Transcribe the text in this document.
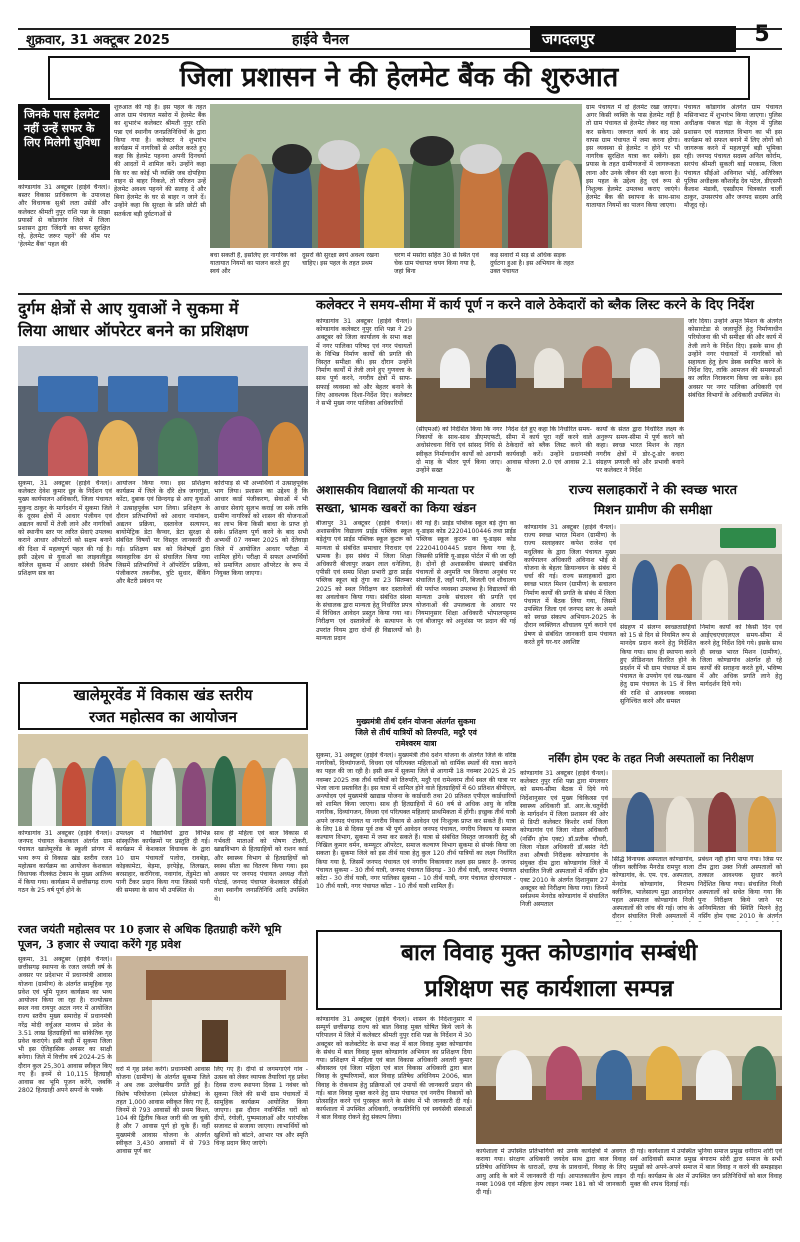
शुक्रवार, 31 अक्टूबर 2025	हाईवे चैनल	जगदलपुर	5
जिला प्रशासन ने की हेलमेट बैंक की शुरुआत
जिनके पास हेलमेट नहीं उन्हें सफर के लिए मिलेगी सुविधा
कोण्डागांव 31 अक्टूबर (हाईवे चैनल)। बस्तर विकास प्राधिकरण के उपाध्यक्ष और विधायक सुश्री लता उसेंडी और कलेक्टर श्रीमती नुपुर राशि पन्ना के साझा प्रयासों से कोंडागांव जिले में जिला प्रशासन द्वारा 'जिंदगी का सफर सुरक्षित रहे, हेलमेट जरूर पहनें' की थीम पर 'हेलमेट बैंक' पहल की
शुरुआत की गई है। इस पहल के तहत आज ग्राम पंचायत मसोरा में हेलमेट बैंक का शुभारंभ कलेक्टर श्रीमती नुपुर राशि पन्ना एवं स्थानीय जनप्रतिनिधियों के द्वारा किया गया है। कलेक्टर ने शुभारंभ कार्यक्रम में नागरिकों से अपील करते हुए कहा कि हेलमेट पहनना अपनी दिनचर्या की आदतों में शामिल करें। उन्होंने कहा कि घर का कोई भी व्यक्ति जब दोपहिया वाहन से बाहर निकले, तो परिजन उन्हें हेलमेट अवश्य पहनने की सलाह दें और बिना हेलमेट के घर से बाहर न जाने दें। उन्होंने कहा कि सुरक्षा के प्रति छोटी सी सतर्कता बड़ी दुर्घटनाओं से
बचा सकती है, इसलिए हर नागरिक को यातायात नियमों का पालन करते हुए स्वयं और
दूसरों की सुरक्षा स्वयं अवश्य रखना चाहिए। इस पहल के तहत प्रथम
चरण में मसोरा सहित 30 से स्थित एवं चेक ग्राम पंचायत चयन किया गया है, जहां बिना
कड़ सवारों में सड़ से अधिक सड़क दुर्घटना हुआ है। इस अभियान के तहत उक्त पंचायत
ग्राम पंचायत में दो हेलमेट रखा जाएगा। अगर किसी व्यक्ति के पास हेलमेट नहीं है तो ग्राम पंचायत से हेलमेट लेकर वह यात्रा कर सकेगा। जरूरत कार्य के बाद उसे वापस ग्राम पंचायत में जमा करना होगा। इस व्यवस्था से हेलमेट न होने पर भी नागरिक सुरक्षित यात्रा कर सकेंगे। इस प्रयास के तहत ग्रामीणजनों में जागरूकता लाना और उनके जीवन की रक्षा करना है। इस पहल के उद्देश्य हेतु एवं रूप से निशुल्क हेलमेट उपलब्ध कराए जाएंगे। हेलमेट बैंक की स्थापना के साथ-साथ यातायात नियमों का पालन किया जाएगा।
पंचायत कोंडागांव अंतर्गत ग्राम पंचायत मसिनाभाट में शुभारंभ किया जाएगा। पुलिस अधीक्षक पंकज चंद्रा के नेतृत्व में पुलिस प्रशासन एवं यातायात विभाग का भी इस कार्यक्रम को सफल बनाने में लिए लोगों को जागरूक करने में महत्वपूर्ण बड़ी भूमिका रही। जनपद पंचायत सदस्य अनिल कोर्राम, सरपंच श्रीमती सुकली बाई मरकाम, जिला पंचायत सीईओ अविनाश भोई, अतिरिक्त पुलिस अधीक्षक कौशलेंद्र देव पटेल, डीएसपी कैलाश मंडावी, एसडीएम चित्रकांत चार्ली ठाकुर, उपसरपंच और जनपद सदस्य आदि मौजूद रहे।
दुर्गम क्षेत्रों से आए युवाओं ने सुकमा में
लिया आधार ऑपरेटर बनने का प्रशिक्षण
सुकमा, 31 अक्टूबर (हाईवे चैनल)। कलेक्टर देवेश कुमार ध्रुव के निर्देशन एवं मुख्य कार्यपालन अधिकारी, जिला पंचायत मुकुन्द ठाकुर के मार्गदर्शन में सुकमा जिले के दूरस्थ क्षेत्रों में आधार पंजीयन एवं अद्यतन कार्यों में तेजी लाने और नागरिकों को स्थानीय स्तर पर त्वरित सेवाएं उपलब्ध कराने आधार ऑपरेटरों को सक्षम बनाने की दिशा में महत्वपूर्ण पहल की गई है। इसी उद्देश्य से युवाओं का लाइवलीहुड कॉलेज सुकमा में आधार संबंधी विशेष प्रशिक्षण सत्र का
आयोजन किया गया। इस प्रशिक्षण कार्यक्रम में जिले के दौरे क्षेत्र जगरगुंडा, कोंटा, दुबाक एवं छिन्दगढ़ से आए युवाओं ने उत्साहपूर्वक भाग लिया। प्रशिक्षण के दौरान प्रतिभागियों को आधार नामांकन, अद्यतन प्रक्रिया, दस्तावेज सत्यापन, बायोमेट्रिक डेटा कैप्चर, डेटा सुरक्षा से संबंधित विषयों पर विस्तृत जानकारी दी गई। प्रशिक्षण सत्र को विशेषज्ञों द्वारा व्यावहारिक ढंग से संचालित किया गया जिसमें प्रतिभागियों ने ऑपरेटिंग प्रक्रिया, पंजीकरण तकनीक, त्रुटि सुधार, बैंकिंग और बैटरी प्रबंधन पर
कोरोपाड़ से भी अभ्यर्थियों ने उत्साहपूर्वक भाग लिया। प्रशासन का उद्देश्य है कि आधार कार्ड पंजीकरण, सेवाओं में भी आधार सेवाएं सुलभ कराई जा सकें ताकि ग्रामीण नागरिकों को शासन की योजनाओं का लाभ बिना किसी बाधा के प्राप्त हो सके। प्रशिक्षण पूर्ण करने के बाद सभी अभ्यर्थी 07 नवम्बर 2025 को देंतेवाड़ा जिले में आयोजित आधार परीक्षा में शामिल होंगे। परीक्षा में सफल अभ्यर्थियों को प्रमाणित आधार ऑपरेटर के रूप में नियुक्त किया जाएगा।
कलेक्टर ने समय-सीमा में कार्य पूर्ण न करने वाले ठेकेदारों को ब्लैक लिस्ट करने के दिए निर्देश
कोण्डागांव 31 अक्टूबर (हाईवे चैनल)। कोण्डागांव कलेक्टर नुपुर राशि पन्ना ने 29 अक्टूबर को जिला कार्यालय के सभा कक्ष में नगर पालिका परिषद एवं नगर पंचायतों के विभिन्न निर्माण कार्यों की प्रगति की विस्तृत समीक्षा की। इस दौरान उन्होंने निर्माण कार्यों में तेजी लाने हुए गुणवत्ता के साथ पूर्ण करने, नगरीय क्षेत्रों में साफ-सफाई व्यवस्था को और बेहतर बनाने के लिए आवश्यक दिशा-निर्देश दिए। कलेक्टर ने सभी मुख्य नगर पालिका अधिकारियों
(सीएमओ) को निर्देशित किया कि नगर निकायों के साथ-साथ डीएमएफटी, अधोसंरचना विधि एवं सांसद निधि से स्वीकृत निर्माणाधीन कार्यों को आगामी दो माह के भीतर पूर्ण किया जाए। उन्होंने सख्त
निर्देश देते हुए कहा कि निर्धारित समय-सीमा में कार्य पूरा नहीं करने वाले ठेकेदारों को ब्लैक लिस्ट करने की कार्यवाही करें। उन्होंने प्रधानमंत्री आवास योजना 2.0 एवं आवास 2.1 के
कार्यों के संतत द्वारा निर्धारित लक्ष्य के अनुरूप समय-सीमा में पूर्ण करने को कहा। स्वच्छ भारत मिशन के तहत नगरीय क्षेत्रों में डोर-टू-डोर कचरा संग्रहण प्रणाली को और प्रभावी बनाने पर कलेक्टर ने निर्देश
जोर दिया। उन्होंने अमृत मिशन के अंतर्गत कोसारटेडा से जलापूर्ति हेतु निर्माणाधीन परियोजना की भी समीक्षा की और कार्य में तेजी लाने के निर्देश दिए। इसके साथ ही उन्होंने नगर पंचायतों में नागरिकों को सहायता हेतु हेल्प डेस्क स्थापित करने के निर्देश दिए, ताकि आमजन की समस्याओं का त्वरित निराकरण किया जा सके। इस अवसर पर नगर पालिका अधिकारी एवं संबंधित विभागों के अधिकारी उपस्थित थे।
अशासकीय विद्यालयों की मान्यता पर
सख्ता, भ्रामक खबरों का किया खंडन
बीजापुर 31 अक्टूबर (हाईवे चैनल)। अशासकीय विद्यालय प्राईड पब्लिक स्कूल बड़ेतुंगा एवं प्राईड पब्लिक स्कूल कुटरू को मान्यता से संबंधित समाचार निराधार एवं भ्रामक है। इस संबंध में जिला शिक्षा अधिकारी बीजापुर लखन लाल धनेलिया, एपीसी एवं समग्र शिक्षा प्रभारी द्वारा प्राईड पब्लिक स्कूल बड़े तुंगा का 23 सितम्बर 2025 को स्थल निरीक्षण कर दस्तावेजों का अवलोकन किया गया। संबंधित संस्था के संचालक द्वारा मान्यता हेतु निर्धारित प्रपत्र में विधिवत आवेदन प्रस्तुत किया गया था। निरीक्षण एवं दस्तावेजों के सत्यापन के उपरांत नियम द्वारा दोनों ही विद्यालयों को मान्यता प्रदान
की गई है। प्राईड पब्लिक स्कूल बड़े तुंगा का यू-डाइस कोड 22204100446 तथा प्राईड पब्लिक स्कूल कुटरू का यू-डाइस कोड 22204100445 प्रदान किया गया है, जिसकी प्रविष्टि यू-डाइस पोर्टल में की जा रही है। दोनों ही अशासकीय संस्थाएं संबंधित पंचायतों से अनुमति पत्र किराया अनुबंध पर संचालित हैं, जहाँ पानी, बिजली एवं शौचालय की पर्याप्त व्यवस्था उपलब्ध है। विद्यालयों की मान्यता उनके संचालन की प्रगति एवं योजनाओं की उपलब्धता के आधार पर नियमानुसार शिक्षा अधिकारी भोपालपट्टनम एवं बीजापुर को अनुशंसा पर प्रदान की गई है।
राज्य सलाहकारों ने की स्वच्छ भारत
मिशन ग्रामीण की समीक्षा
कोण्डागांव 31 अक्टूबर (हाईवे चैनल)। राज्य स्वच्छ भारत मिशन (ग्रामीण) के राज्य सलाहकार कपेश राजेश एवं मधुलिका के द्वारा जिला पंचायत मुख्य कार्यपालन अधिकारी अविनाश भोई से योजना के बेहतर क्रियान्वयन के संबंध में चर्चा की गई। राज्य सलाहकारों द्वारा स्वच्छ भारत मिशन (ग्रामीण) के सचालन निर्माण कार्यों की प्रगति के संबंध में जिला पंचायत में बैठक लिया गया, जिसमें उपस्थित जिला एवं जनपद स्तर के अमले को स्वच्छ संकल्प अभियान-2025 के दौरान व्यक्तिगत शौचालय पूर्ण कराने एवं प्रेषण से संबंधित जानकारी ग्राम पंचायत करते हुये घर-घर अवशिष्ट
संग्रहण में संलग्न स्वच्छताग्रहियों को 15 से दिन से नियमित रूप से मानदेय प्रदान करने हेतु निर्देशित किया गया। साथ ही स्थापना करने हुए प्रीडिशनल वितरित होने के प्रदर्शन में भी ग्राम पंचायत में ग्राम पंचायत के उपयोग एवं रख-रखाव हेतु ग्राम पंचायत के 15 वें वित्त की राशि से आवश्यक व्यवस्था सुनिश्चित करने और समस्त
निर्माण कार्यों को किसी दिन एवं आईएचएचएलएल समय-सीमा में करने हेतु निर्देश दिये गये। इसके साथ ही स्वच्छ भारत मिशन (ग्रामीण), जिला कोण्डागांव अंतर्गत हो रहे कार्यों की सराहना करते हुये, भविष्य में और अधिक प्रगति लाने हेतु मार्गदर्शन दिये गये।
खालेमूरवेंड में विकास खंड स्तरीय
रजत महोत्सव का आयोजन
कोण्डागांव 31 अक्टूबर (हाईवे चैनल)। जनपद पंचायत केशकाल अंतर्गत ग्राम पंचायत खालेमूरवेंड के स्कूली प्रांगण में भव्य रूप से विकास खंड स्तरीय रजत महोत्सव कार्यक्रम का आयोजन केशकाल विधायक नीलकंठ टेकाम के मुख्य आतिथ्य में किया गया। कार्यक्रम में छत्तीसगढ़ राज्य गठन के 25 वर्ष पूर्ण होने के
उपलक्ष्य में विद्यार्थियों द्वारा विभिन्न सांस्कृतिक कार्यक्रमों पर प्रस्तुति दी गई। कार्यक्रम में केशकाल विधायक के द्वारा 10 ग्राम पंचायतों पलोरा, रावबेड़ा, कोइकामेटा, बेड़मा, इरपेड़ेह, तिलखत, बरसाहार, करंगिरवा, नवागांव, तेंडुमेटा को पानी टैंकर प्रदान किया गया जिससे पानी की समस्या के साथ भी उपस्थित थे।
साथ ही महिला एवं बाल विकास से गर्भवती माताओं को पोषण टोकरी, खाद्यविभाग से हितग्राहियों को राशन कार्ड और स्वास्थ्य विभाग से हितग्राहियों को स्वस्थ सीता का वितरण किया गया। इस अवसर पर जनपद पंचायत अध्यक्ष नीतो पोटाई, जनपद पंचायत केशकाल सीईओ तथा स्थानीय जनप्रतिनिधि आदि उपस्थित थे।
रजत जयंती महोत्सव पर 10 हजार से अधिक हितग्राही करेंगे भूमि पूजन, 3 हजार से ज्यादा करेंगे गृह प्रवेश
सुकमा, 31 अक्टूबर (हाईवे चैनल)। छत्तीसगढ़ स्थापना के रजत जयंती वर्ष के अवसर पर प्रदेशभर में प्रधानमंत्री आवास योजना (ग्रामीण) के अंतर्गत सामूहिक गृह प्रवेश एवं भूमि पूजन कार्यक्रम का भव्य आयोजन किया जा रहा है। राज्योत्सव स्थल नवा रायपुर अटल नगर में आयोजित राज्य स्तरीय मुख्य समारोह में प्रधानमंत्री नरेंद्र मोदी वर्चुअल माध्यम से प्रदेश के 3.51 लाख हितग्राहियों का सांकेतिक गृह प्रवेश कराएंगे। इसी कड़ी में सुकमा जिला भी इस ऐतिहासिक अवसर का साक्षी बनेगा। जिले में वित्तीय वर्ष 2024-25 के दौरान कुल 25,301 आवास स्वीकृत किए गए हैं। इनमें से 10,115 हितग्राही आवास का भूमि पूजन करेंगे, जबकि 2802 हितग्राही अपने सपनों के पक्के
घरों में गृह प्रवेश करेंगे। प्रधानमंत्री आवास योजना (ग्रामीण) के अंतर्गत सुकमा जिले ने अब तक उल्लेखनीय प्रगति हुई है। विशेष परियोजना (स्पेशल प्रोजेक्ट) के तहत 1,000 आवास स्वीकृत किए गए हैं, जिनमें से 793 आवासों की प्रथम किश्त, 104 की द्वितीय किश्त जारी की जा चुकी है और 7 आवास पूर्ण हो चुके हैं। वहीं मुख्यमंत्री आवास योजना के अंतर्गत स्वीकृत 3,430 आवासों में से 793 आवास पूर्ण कर
लिए गए हैं। दीपों से जगमगाएंगे गांव - उत्सव को लेकर व्यापक तैयारियां गृह प्रवेश दिवस राज्य स्थापना दिवस 1 नवंबर को सुकमा जिले की सभी ग्राम पंचायतों में सामूहिक कार्यक्रम आयोजित किया जाएगा। इस दौरान नवनिर्मित घरों को दीपों, रंगोली, पुष्पमालाओं और पारंपरिक सजावट से सजाया जाएगा। लाभार्थियों को खुशियों को बांटने, आभार पत्र और स्मृति चिन्ह प्रदान किए जाएंगे।
मुख्यमंत्री तीर्थ दर्शन योजना अंतर्गत सुकमा
जिले से तीर्थ यात्रियों को तिरुपति, मदुरै एवं
रामेश्वरम यात्रा
सुकमा, 31 अक्टूबर (हाईवे चैनल)। मुख्यमंत्री तीर्थ दर्शन योजना के अंतर्गत जिले के वरिष्ठ नागरिकों, दिव्यांगजनों, विधवा एवं परित्यक्त महिलाओं को धार्मिक स्थलों की यात्रा कराने का पहल की जा रही है। इसी क्रम में सुकमा जिले से आगामी 18 नवम्बर 2025 से 25 नवम्बर 2025 तक तीर्थ यात्रियों को तिरुपति, मदुरै एवं रामेश्वरम तीर्थ स्थल की यात्रा पर भेजा जाना प्रस्तावित है। इस यात्रा में शामिल होने वाले हितग्राहियों में 60 प्रतिशत बीपीएल, अन्त्योदय एवं मुख्यमंत्री खाद्यान्न योजना के कार्डधारी तथा 20 प्रतिशत एपीएल कार्डधारियों को शामिल किया जाएगा। साथ ही हितग्राहियों में 60 वर्ष से अधिक आयु के वरिष्ठ नागरिक, दिव्यांगजन, विधवा एवं परित्यक्त महिलाएं प्राथमिकता में होंगी। इच्छुक तीर्थ यात्री अपने जनपद पंचायत या नगरीय निकाय से आवेदन एवं निःशुल्क प्राप्त कर सकते हैं। यात्रा के लिए 18 से दिवस पूर्व तक भी पूर्ण आवेदन जनपद पंचायत, नगरीय निकाय या समाज कल्याण विभाग, सुकमा में जमा कर सकते हैं। यात्रा से संबंधित विस्तृत जानकारी हेतु श्री निखिल कुमार वर्मन, कम्प्यूटर ऑपरेटर, समाज कल्याण विभाग सुकमा से संपर्क किया जा सकता है। सुकमा जिले को इस तीर्थ यात्रा हेतु कुल 120 तीर्थ यात्रियों का लक्ष्य निर्धारित किया गया है, जिसमें जनपद पंचायत एवं नगरीय निकायवार लक्ष्य इस प्रकार है- जनपद पंचायत सुकमा - 30 तीर्थ यात्री, जनपद पंचायत छिंदगढ़ - 30 तीर्थ यात्री, जनपद पंचायत कोंटा - 30 तीर्थ यात्री, नगर पालिका सुकमा - 10 तीर्थ यात्री, नगर पंचायत दोरनापाल - 10 तीर्थ यात्री, नगर पंचायत कोंटा - 10 तीर्थ यात्री शामिल हैं।
नर्सिंग होम एक्ट के तहत निजी अस्पतालों का निरीक्षण
कोण्डागांव 31 अक्टूबर (हाईवे चैनल)। कलेक्टर नुपुर राशि पन्ना द्वारा मंगलवार को समय-सीमा बैठक में दिये गये निर्देशानुसार एवं मुख्य चिकित्सा एवं स्वास्थ्य अधिकारी डॉ. आर.के.चतुर्वेदी के मार्गदर्शन में जिला प्रशासन की ओर से डिप्टी कलेक्टर किशोर शर्मा जिला कोण्डागांव एवं जिला नोडल अधिकारी (नर्सिंग होम एक्ट) डॉ.प्रतीक चौधरी, जिला नोडल अधिकारी डॉ.बसंत नेटी तथा औषधी निरीक्षक कोण्डागांव के संयुक्त दीम द्वारा कोण्डागांव जिले में संचालित निजी अस्पतालों में नर्सिंग होम एक्ट 2010 के अंतर्गत दिशानुसार 27 अक्टूबर को निरीक्षण किया गया। जिनमें सर्वप्रथम मेनरोड कोण्डागांव में संचालित निजी अस्पताल
सिद्धि विनायक अस्पताल कोण्डागांव, जीवन क्लीनिक मैनरोड रामपुर वाला कोण्डागांव, के. एम. एच. अस्पताल, मेनरोड कोण्डागांव, निरामय क्लीनिक, भालेसाल्य मुद्रा आदानोदर पहल अस्पताल कोण्डागांव निजी अस्पतालों की जांच की गई। जांच के दौरान संचालित निजी अस्पतालों में
प्रबंधन नहीं होना पाया गया। जिस पर टीम द्वारा उक्त निजी अस्पतालों को तत्काल आवश्यक सुधार करने निर्देशित किया गया। संचालित निजी अस्पतालों को सचेत किया गया कि पुनः निरीक्षण किये जाने पर अनियमितता की स्थिति मिलने हेतु नर्सिंग होम एक्ट 2010 के अंतर्गत
बाल विवाह मुक्त कोण्डागांव सम्बंधी
प्रशिक्षण सह कार्यशाला सम्पन्न
कोण्डागांव 31 अक्टूबर (हाईवे चैनल)। शासन के निर्देशानुसार में सम्पूर्ण छत्तीसगढ़ राज्य को बाल विवाह मुक्त घोषित किये जाने के परिपालन में जिले में कलेक्टर श्रीमती नुपुर राशि पन्ना के निर्देशन में 30 अक्टूबर को कलेक्टोरेट के सभा कक्ष में बाल विवाह मुक्त कोण्डागांव के संबंध में बाल विवाह मुक्त कोण्डागांव अभियान का प्रशिक्षण दिया गया। प्रशिक्षण में महिला एवं बाल विकास अधिकारी अवतरी कुमार श्रीवास्तव एवं जिला महिला एवं बाल विकास अधिकारी द्वारा बाल विवाह के दुष्परिणामों, बाल विवाह प्रतिषेध अधिनियम 2006, बाल विवाह के रोकथाम हेतु प्रक्रियाओं एवं उपायों की जानकारी प्रदान की गई। बाल विवाह मुक्त करने हेतु ग्राम पंचायत एवं नगरीय निकायों को प्रोत्साहित करने एवं पुरस्कृत करने के संबंध में भी जानकारी दी गई। कार्यशाला में उपस्थित अधिकारी, जनप्रतिनिधि एवं स्वयंसेवी संस्थाओं ने बाल विवाह रोकने हेतु संकल्प लिया।
कार्यशाला में उपस्थित प्रतिभागियों को उनके कार्यक्षेत्रों में अवगत कराया गया। संरक्षण अधिकारी जयदेव साथ द्वारा बाल विवाह प्रतिषेध अधिनियम के धाराओं, दण्ड के प्रावधानों, विवाह के लिए आयु आदि के बारे में जानकारी दी गई। आपातकालीन हेल्प लाइन नम्बर 1098 एवं महिला हेल्प लाइन नम्बर 181 को भी जानकारी दी गई।
दी गई। कार्यशाला में उपस्थित भुनिया समाज प्रमुख धनीराम शोरी एवं सर्व आदिवासी समाज प्रमुख बंगाराम सोरी द्वारा समाज के सभी प्रमुखों को अपने-अपने समाज में बाल विवाह न करने की समझाइश दी गई। कार्यक्रम के अंत में उपस्थित जन प्रतिनिधियों को बाल विवाह मुक्त की शपथ दिलाई गई।
